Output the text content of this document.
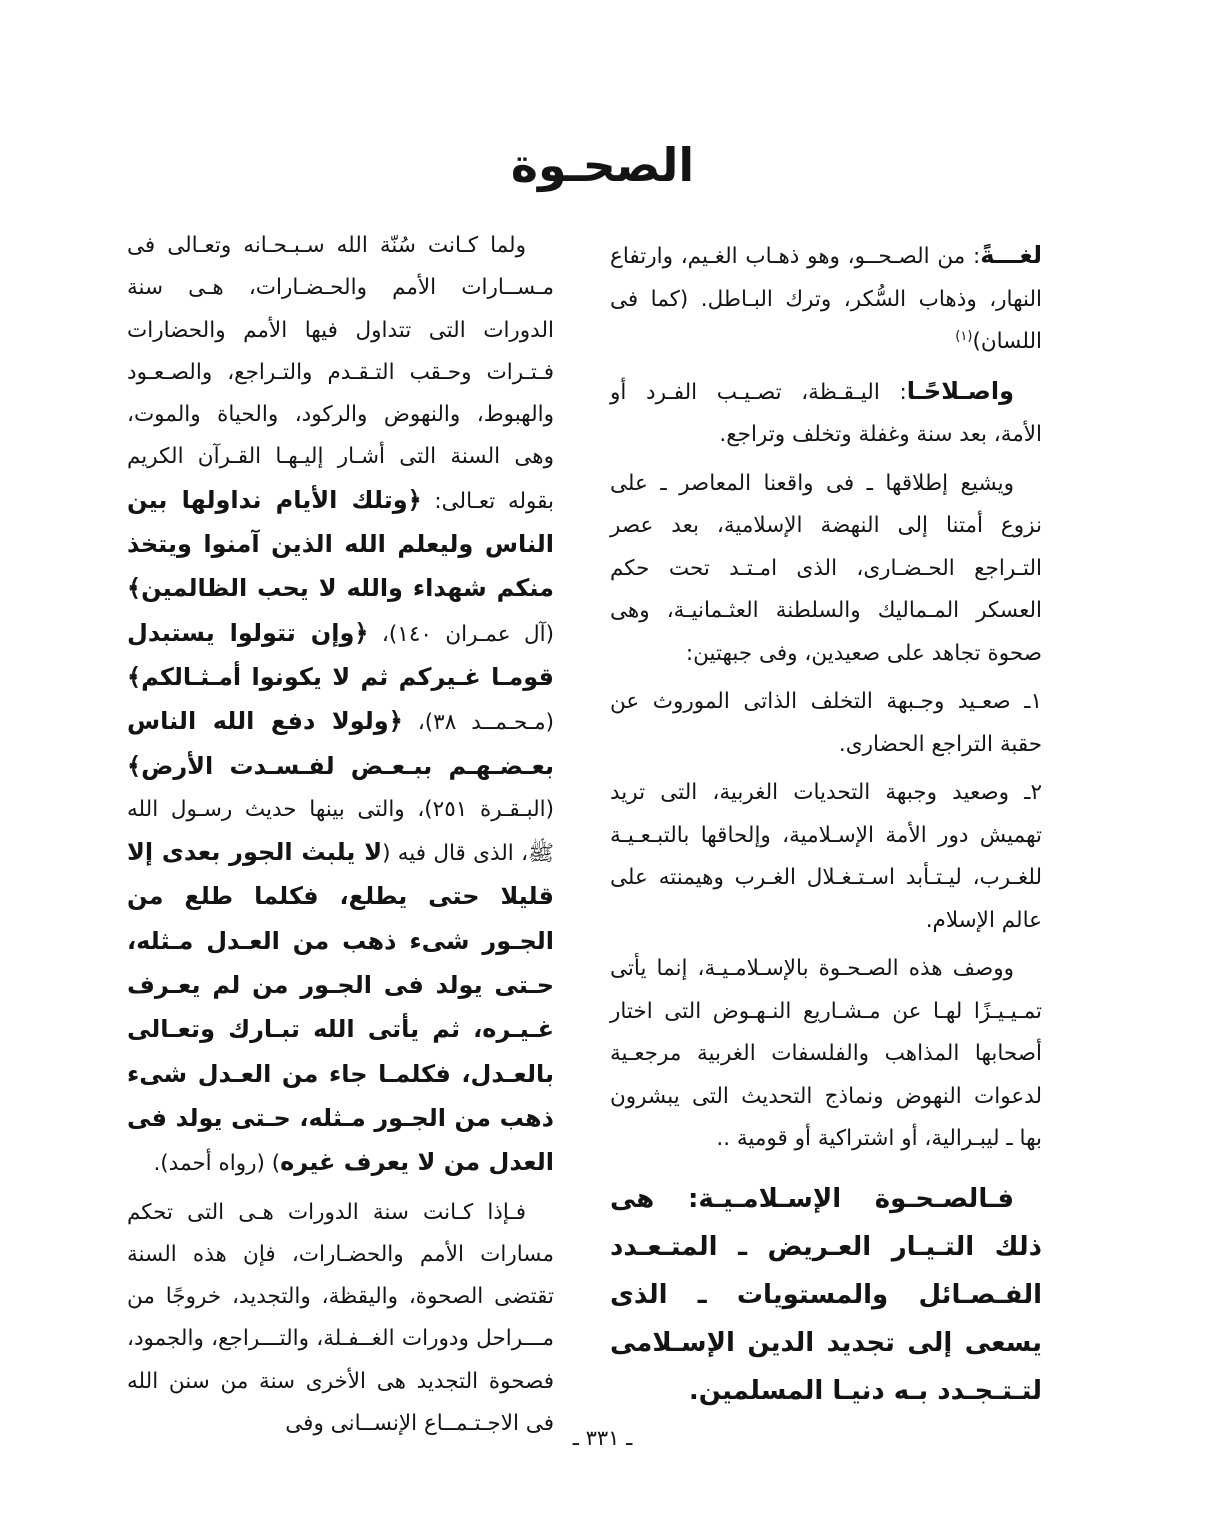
الصحـوة

لغـــةً: من الصـحــو، وهو ذهـاب الغـيم، وارتفاع النهار، وذهاب السُّكر، وترك البـاطل. (كما فى اللسان)$^{(١)}$

واصـلاحًـا: اليـقـظة، تصـيـب الفـرد أو الأمة، بعد سنة وغفلة وتخلف وتراجع.

ويشيع إطلاقها ـ فى واقعنا المعاصر ـ على نزوع أمتنا إلى النهضة الإسلامية، بعد عصر التـراجع الحـضـارى، الذى امـتـد تحت حكم العسكر المـماليك والسلطنة العثـمانيـة، وهى صحوة تجاهد على صعيدين، وفى جبهتين:

١ـ صعـيد وجـبهة التخلف الذاتى الموروث عن حقبة التراجع الحضارى.

٢ـ وصعيد وجبهة التحديات الغربية، التى تريد تهميش دور الأمة الإسـلامية، وإلحاقها بالتبـعـيـة للغـرب، ليـتـأبد اسـتـغـلال الغـرب وهيمنته على عالم الإسلام.

ووصف هذه الصـحـوة بالإسـلامـيـة، إنما يأتى تمـيـيـزًا لهـا عن مـشـاريع النـهـوض التى اختار أصحابها المذاهب والفلسفات الغربية مرجعـية لدعوات النهوض ونماذج التحديث التى يبشرون بها ـ ليبـرالية، أو اشتراكية أو قومية ..

فـالصـحـوة الإسـلامـيـة: هى ذلك التـيـار العـريض ـ المتـعـدد الفـصـائل والمستويات ـ الذى يسعى إلى تجديد الدين الإسـلامى لتـتـجـدد بـه دنيـا المسلمين.

ولما كـانت سُنّة الله سـبـحـانه وتعـالى فى مـســارات الأمم والحـضـارات، هـى سنة الدورات التى تتداول فيها الأمم والحضارات فـتـرات وحـقب التـقـدم والتـراجع، والصـعـود والهبوط، والنهوض والركود، والحياة والموت، وهى السنة التى أشـار إليـهـا القـرآن الكريم بقوله تعـالى: ﴿وتلك الأيام نداولها بين الناس وليعلم الله الذين آمنوا ويتخذ منكم شهداء والله لا يحب الظالمين﴾ (آل عمـران ١٤٠)، ﴿وإن تتولوا يستبدل قومـا غـيركم ثم لا يكونوا أمـثـالكم﴾ (مـحـمــد ٣٨)، ﴿ولولا دفع الله الناس بعـضـهـم ببـعـض لفـسـدت الأرض﴾ (البـقـرة ٢٥١)، والتى بينها حديث رسـول الله ﷺ، الذى قال فيه (لا يلبث الجور بعدى إلا قليلا حتى يطلع، فكلما طلع من الجـور شىء ذهب من العـدل مـثله، حـتى يولد فى الجـور من لم يعـرف غـيـره، ثم يأتى الله تبـارك وتعـالى بالعـدل، فكلمـا جاء من العـدل شىء ذهب من الجـور مـثله، حـتى يولد فى العدل من لا يعرف غيره) (رواه أحمد).

فـإذا كـانت سنة الدورات هـى التى تحكم مسارات الأمم والحضـارات، فإن هذه السنة تقتضى الصحوة، واليقظة، والتجديد، خروجًا من مـــراحل ودورات الغــفـلة، والتـــراجع، والجمود، فصحوة التجديد هى الأخرى سنة من سنن الله فى الاجـتـمــاع الإنســانى وفى

ـ ٣٣١ ـ
